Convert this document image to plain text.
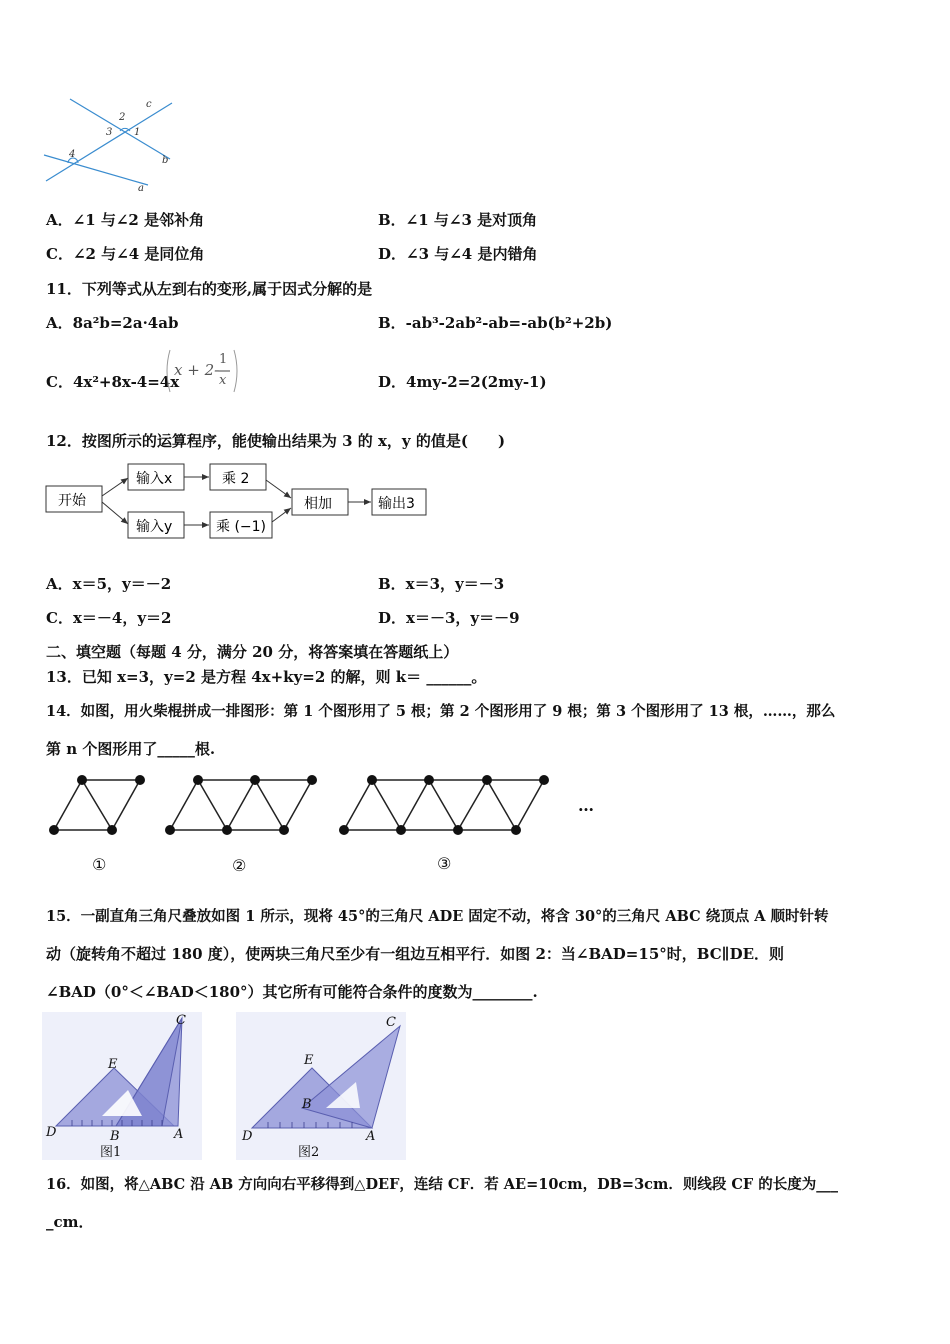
1
2
3
4
a
b
c
A．∠1 与∠2 是邻补角	B．∠1 与∠3 是对顶角
C．∠2 与∠4 是同位角	D．∠3 与∠4 是内错角
11．下列等式从左到右的变形,属于因式分解的是
A．8a²b=2a·4ab	B．-ab³-2ab²-ab=-ab(b²+2b)
C．4x²+8x-4=4x
x + 2-
1
x	D．4my-2=2(2my-1)
12．按图所示的运算程序，能使输出结果为 3 的 x，y 的值是(　　)
开始
输入x	乘 2
输入y	乘 (−1)
相加	输出3
A．x＝5，y＝－2	B．x＝3，y＝－3
C．x＝－4，y＝2	D．x＝－3，y＝－9
二、填空题（每题 4 分，满分 20 分，将答案填在答题纸上）
13．已知 x=3，y=2 是方程 4x+ky=2 的解，则 k＝ ______。
14．如图，用火柴棍拼成一排图形：第 1 个图形用了 5 根；第 2 个图形用了 9 根；第 3 个图形用了 13 根，……，那么
第 n 个图形用了_____根.
…
①	②	③
15．一副直角三角尺叠放如图 1 所示，现将 45°的三角尺 ADE 固定不动，将含 30°的三角尺 ABC 绕顶点 A 顺时针转
动（旋转角不超过 180 度），使两块三角尺至少有一组边互相平行．如图 2：当∠BAD=15°时，BC∥DE．则
∠BAD（0°＜∠BAD＜180°）其它所有可能符合条件的度数为________.
A
B
C
D
E
图1
A
B
C
D
E
图2
16．如图，将△ABC 沿 AB 方向向右平移得到△DEF，连结 CF．若 AE=10cm，DB=3cm．则线段 CF 的长度为___
_cm．
